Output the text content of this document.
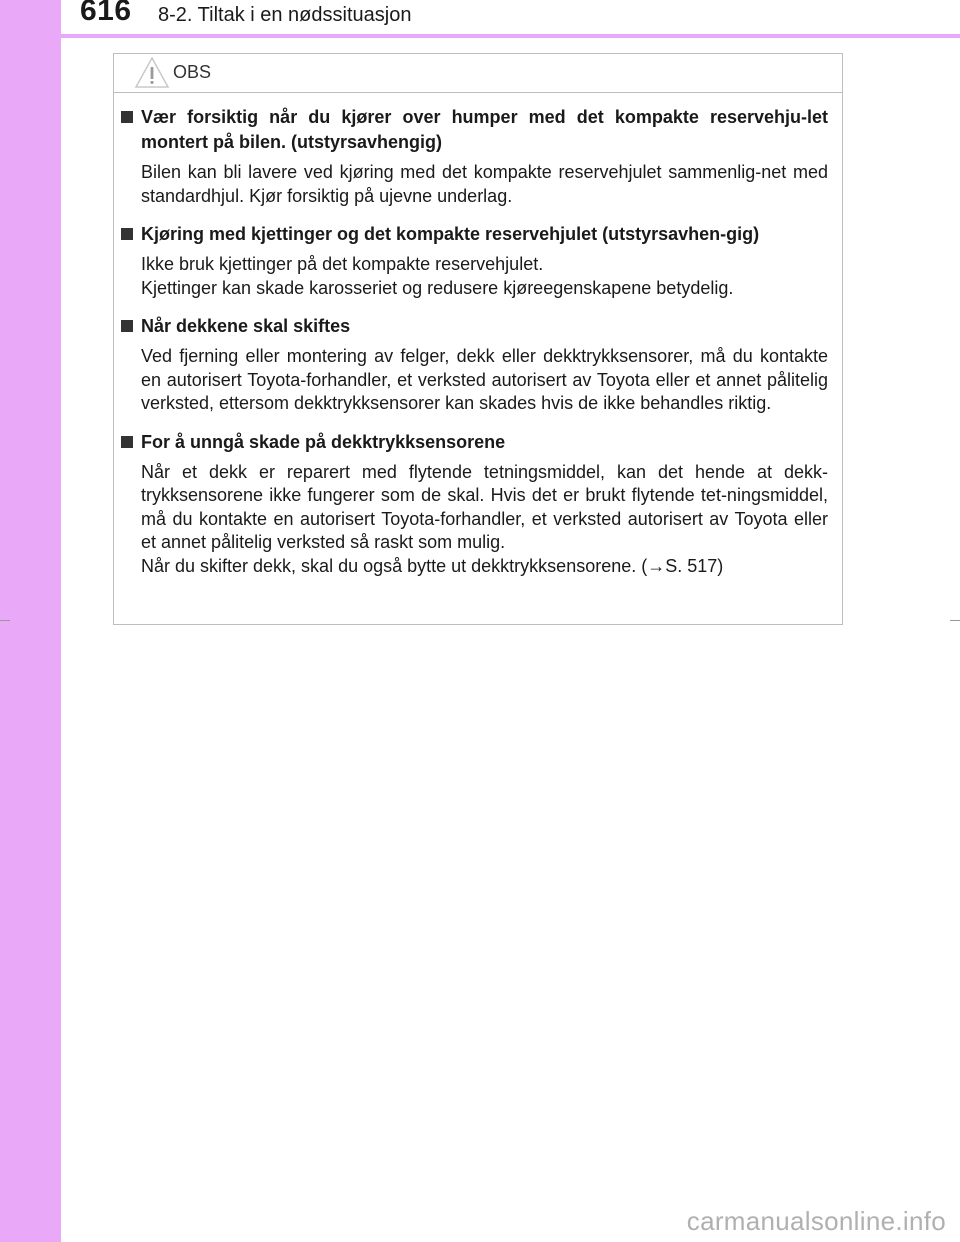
616 8-2. Tiltak i en nødssituasjon
OBS
Vær forsiktig når du kjører over humper med det kompakte reservehju-let montert på bilen. (utstyrsavhengig)

Bilen kan bli lavere ved kjøring med det kompakte reservehjulet sammenlig-net med standardhjul. Kjør forsiktig på ujevne underlag.

Kjøring med kjettinger og det kompakte reservehjulet (utstyrsavhen-gig)

Ikke bruk kjettinger på det kompakte reservehjulet.

Kjettinger kan skade karosseriet og redusere kjøreegenskapene betydelig.

Når dekkene skal skiftes

Ved fjerning eller montering av felger, dekk eller dekktrykksensorer, må du kontakte en autorisert Toyota-forhandler, et verksted autorisert av Toyota eller et annet pålitelig verksted, ettersom dekktrykksensorer kan skades hvis de ikke behandles riktig.

For å unngå skade på dekktrykksensorene

Når et dekk er reparert med flytende tetningsmiddel, kan det hende at dekk-trykksensorene ikke fungerer som de skal. Hvis det er brukt flytende tet-ningsmiddel, må du kontakte en autorisert Toyota-forhandler, et verksted autorisert av Toyota eller et annet pålitelig verksted så raskt som mulig.

Når du skifter dekk, skal du også bytte ut dekktrykksensorene. (→S. 517)

carmanualsonline.info
